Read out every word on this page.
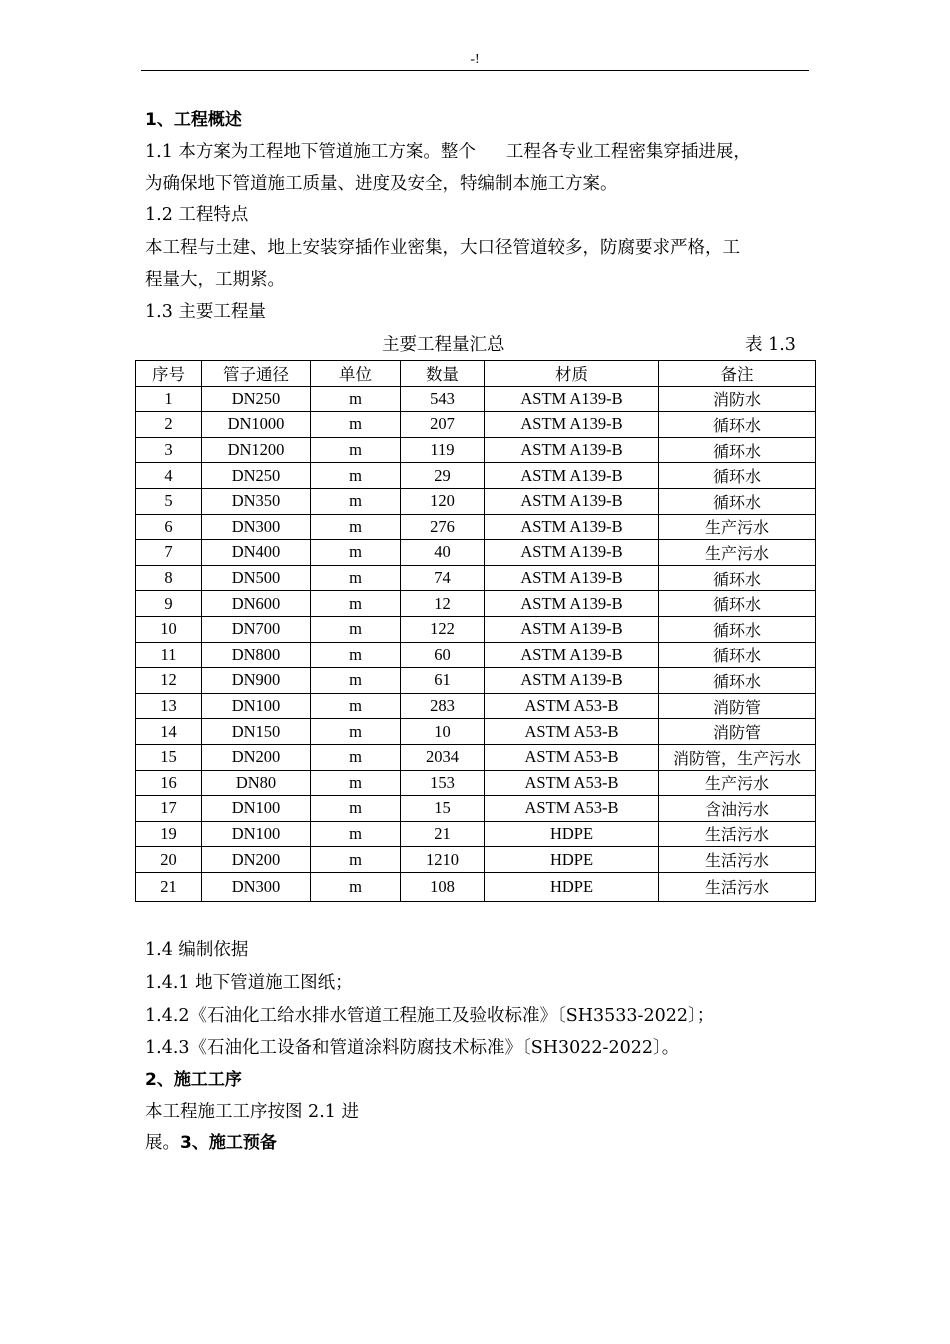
-!
1、工程概述
1.1 本方案为工程地下管道施工方案。整个 工程各专业工程密集穿插进展，
为确保地下管道施工质量、进度及安全，特编制本施工方案。
1.2 工程特点
本工程与土建、地上安装穿插作业密集，大口径管道较多，防腐要求严格，工
程量大，工期紧。
1.3 主要工程量
主要工程量汇总	表 1.3
序号	管子通径	单位	数量	材质	备注
1	DN250	m	543	ASTM A139-B	消防水
2	DN1000	m	207	ASTM A139-B	循环水
3	DN1200	m	119	ASTM A139-B	循环水
4	DN250	m	29	ASTM A139-B	循环水
5	DN350	m	120	ASTM A139-B	循环水
6	DN300	m	276	ASTM A139-B	生产污水
7	DN400	m	40	ASTM A139-B	生产污水
8	DN500	m	74	ASTM A139-B	循环水
9	DN600	m	12	ASTM A139-B	循环水
10	DN700	m	122	ASTM A139-B	循环水
11	DN800	m	60	ASTM A139-B	循环水
12	DN900	m	61	ASTM A139-B	循环水
13	DN100	m	283	ASTM A53-B	消防管
14	DN150	m	10	ASTM A53-B	消防管
15	DN200	m	2034	ASTM A53-B	消防管，生产污水
16	DN80	m	153	ASTM A53-B	生产污水
17	DN100	m	15	ASTM A53-B	含油污水
19	DN100	m	21	HDPE	生活污水
20	DN200	m	1210	HDPE	生活污水
21	DN300	m	108	HDPE	生活污水
1.4 编制依据
1.4.1 地下管道施工图纸；
1.4.2《石油化工给水排水管道工程施工及验收标准》〔SH3533-2022〕；
1.4.3《石油化工设备和管道涂料防腐技术标准》〔SH3022-2022〕。
2、施工工序
本工程施工工序按图 2.1 进
展。3、施工预备
